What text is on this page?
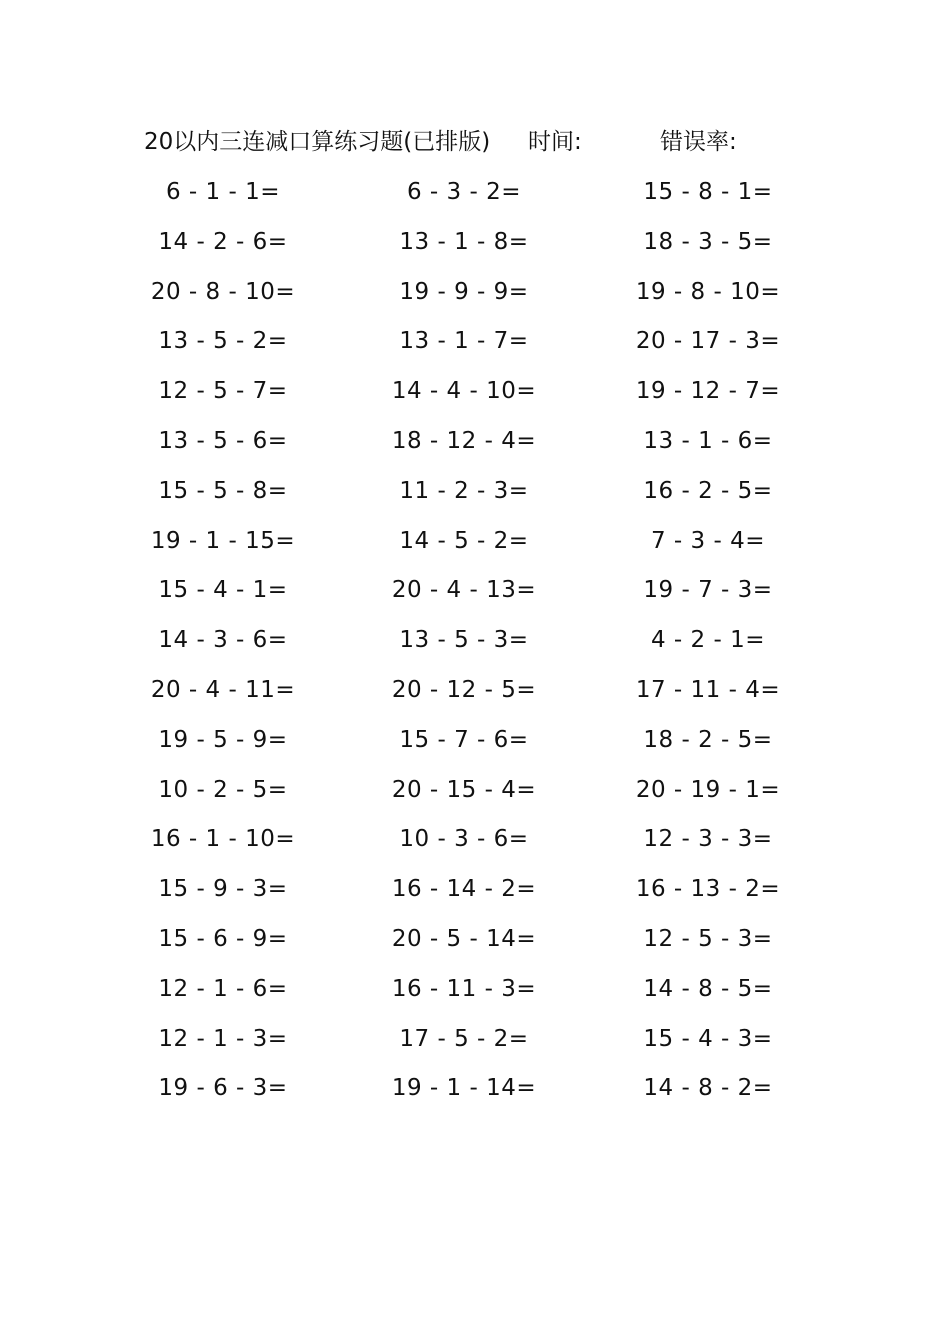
20以内三连减口算练习题(已排版) 时间:	错误率:
6 - 1 - 1=	6 - 3 - 2=	15 - 8 - 1=
14 - 2 - 6=	13 - 1 - 8=	18 - 3 - 5=
20 - 8 - 10=	19 - 9 - 9=	19 - 8 - 10=
13 - 5 - 2=	13 - 1 - 7=	20 - 17 - 3=
12 - 5 - 7=	14 - 4 - 10=	19 - 12 - 7=
13 - 5 - 6=	18 - 12 - 4=	13 - 1 - 6=
15 - 5 - 8=	11 - 2 - 3=	16 - 2 - 5=
19 - 1 - 15=	14 - 5 - 2=	7 - 3 - 4=
15 - 4 - 1=	20 - 4 - 13=	19 - 7 - 3=
14 - 3 - 6=	13 - 5 - 3=	4 - 2 - 1=
20 - 4 - 11=	20 - 12 - 5=	17 - 11 - 4=
19 - 5 - 9=	15 - 7 - 6=	18 - 2 - 5=
10 - 2 - 5=	20 - 15 - 4=	20 - 19 - 1=
16 - 1 - 10=	10 - 3 - 6=	12 - 3 - 3=
15 - 9 - 3=	16 - 14 - 2=	16 - 13 - 2=
15 - 6 - 9=	20 - 5 - 14=	12 - 5 - 3=
12 - 1 - 6=	16 - 11 - 3=	14 - 8 - 5=
12 - 1 - 3=	17 - 5 - 2=	15 - 4 - 3=
19 - 6 - 3=	19 - 1 - 14=	14 - 8 - 2=
